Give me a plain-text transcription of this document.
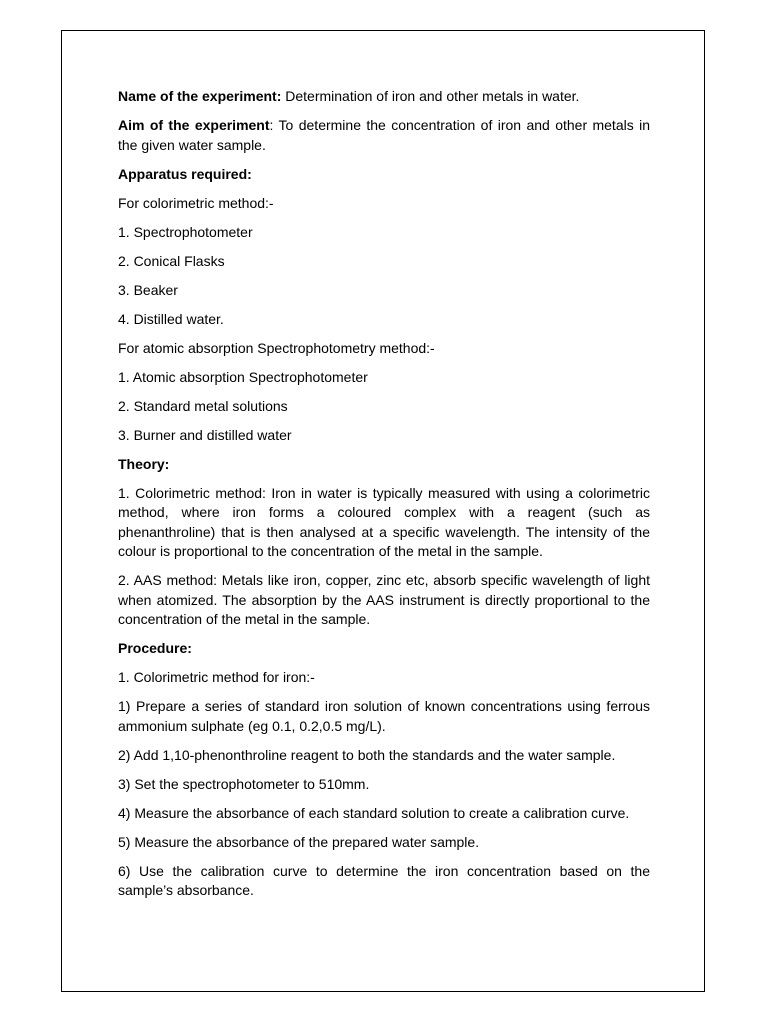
Name of the experiment: Determination of iron and other metals in water.

Aim of the experiment: To determine the concentration of iron and other metals in the given water sample.

Apparatus required:

For colorimetric method:-

1. Spectrophotometer

2. Conical Flasks

3. Beaker

4. Distilled water.

For atomic absorption Spectrophotometry method:-

1. Atomic absorption Spectrophotometer

2. Standard metal solutions

3. Burner and distilled water

Theory:

1. Colorimetric method: Iron in water is typically measured with using a colorimetric method, where iron forms a coloured complex with a reagent (such as phenanthroline) that is then analysed at a specific wavelength. The intensity of the colour is proportional to the concentration of the metal in the sample.

2. AAS method: Metals like iron, copper, zinc etc, absorb specific wavelength of light when atomized. The absorption by the AAS instrument is directly proportional to the concentration of the metal in the sample.

Procedure:

1. Colorimetric method for iron:-

1) Prepare a series of standard iron solution of known concentrations using ferrous ammonium sulphate (eg 0.1, 0.2,0.5 mg/L).

2) Add 1,10-phenonthroline reagent to both the standards and the water sample.

3) Set the spectrophotometer to 510mm.

4) Measure the absorbance of each standard solution to create a calibration curve.

5) Measure the absorbance of the prepared water sample.

6) Use the calibration curve to determine the iron concentration based on the sample’s absorbance.
